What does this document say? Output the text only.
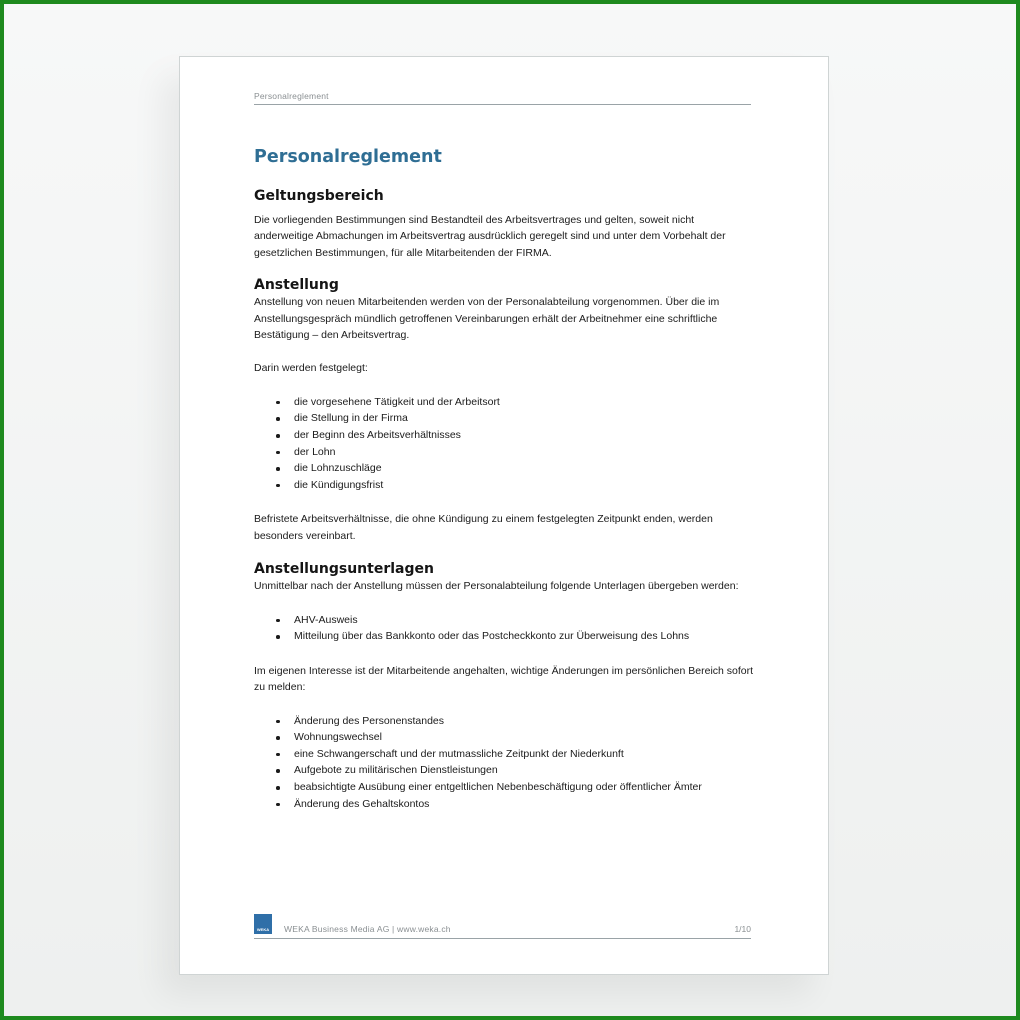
Personalreglement
Personalreglement
Geltungsbereich

Die vorliegenden Bestimmungen sind Bestandteil des Arbeitsvertrages und gelten, soweit nicht anderweitige Abmachungen im Arbeitsvertrag ausdrücklich geregelt sind und unter dem Vorbehalt der gesetzlichen Bestimmungen, für alle Mitarbeitenden der FIRMA.

Anstellung

Anstellung von neuen Mitarbeitenden werden von der Personalabteilung vorgenommen. Über die im Anstellungsgespräch mündlich getroffenen Vereinbarungen erhält der Arbeitnehmer eine schriftliche Bestätigung – den Arbeitsvertrag.

Darin werden festgelegt:

die vorgesehene Tätigkeit und der Arbeitsort
die Stellung in der Firma
der Beginn des Arbeitsverhältnisses
der Lohn
die Lohnzuschläge
die Kündigungsfrist

Befristete Arbeitsverhältnisse, die ohne Kündigung zu einem festgelegten Zeitpunkt enden, werden besonders vereinbart.

Anstellungsunterlagen

Unmittelbar nach der Anstellung müssen der Personalabteilung folgende Unterlagen übergeben werden:

AHV-Ausweis
Mitteilung über das Bankkonto oder das Postcheckkonto zur Überweisung des Lohns

Im eigenen Interesse ist der Mitarbeitende angehalten, wichtige Änderungen im persönlichen Bereich sofort zu melden:

Änderung des Personenstandes
Wohnungswechsel
eine Schwangerschaft und der mutmassliche Zeitpunkt der Niederkunft
Aufgebote zu militärischen Dienstleistungen
beabsichtigte Ausübung einer entgeltlichen Nebenbeschäftigung oder öffentlicher Ämter
Änderung des Gehaltskontos
WEKA	WEKA Business Media AG | www.weka.ch	1/10
